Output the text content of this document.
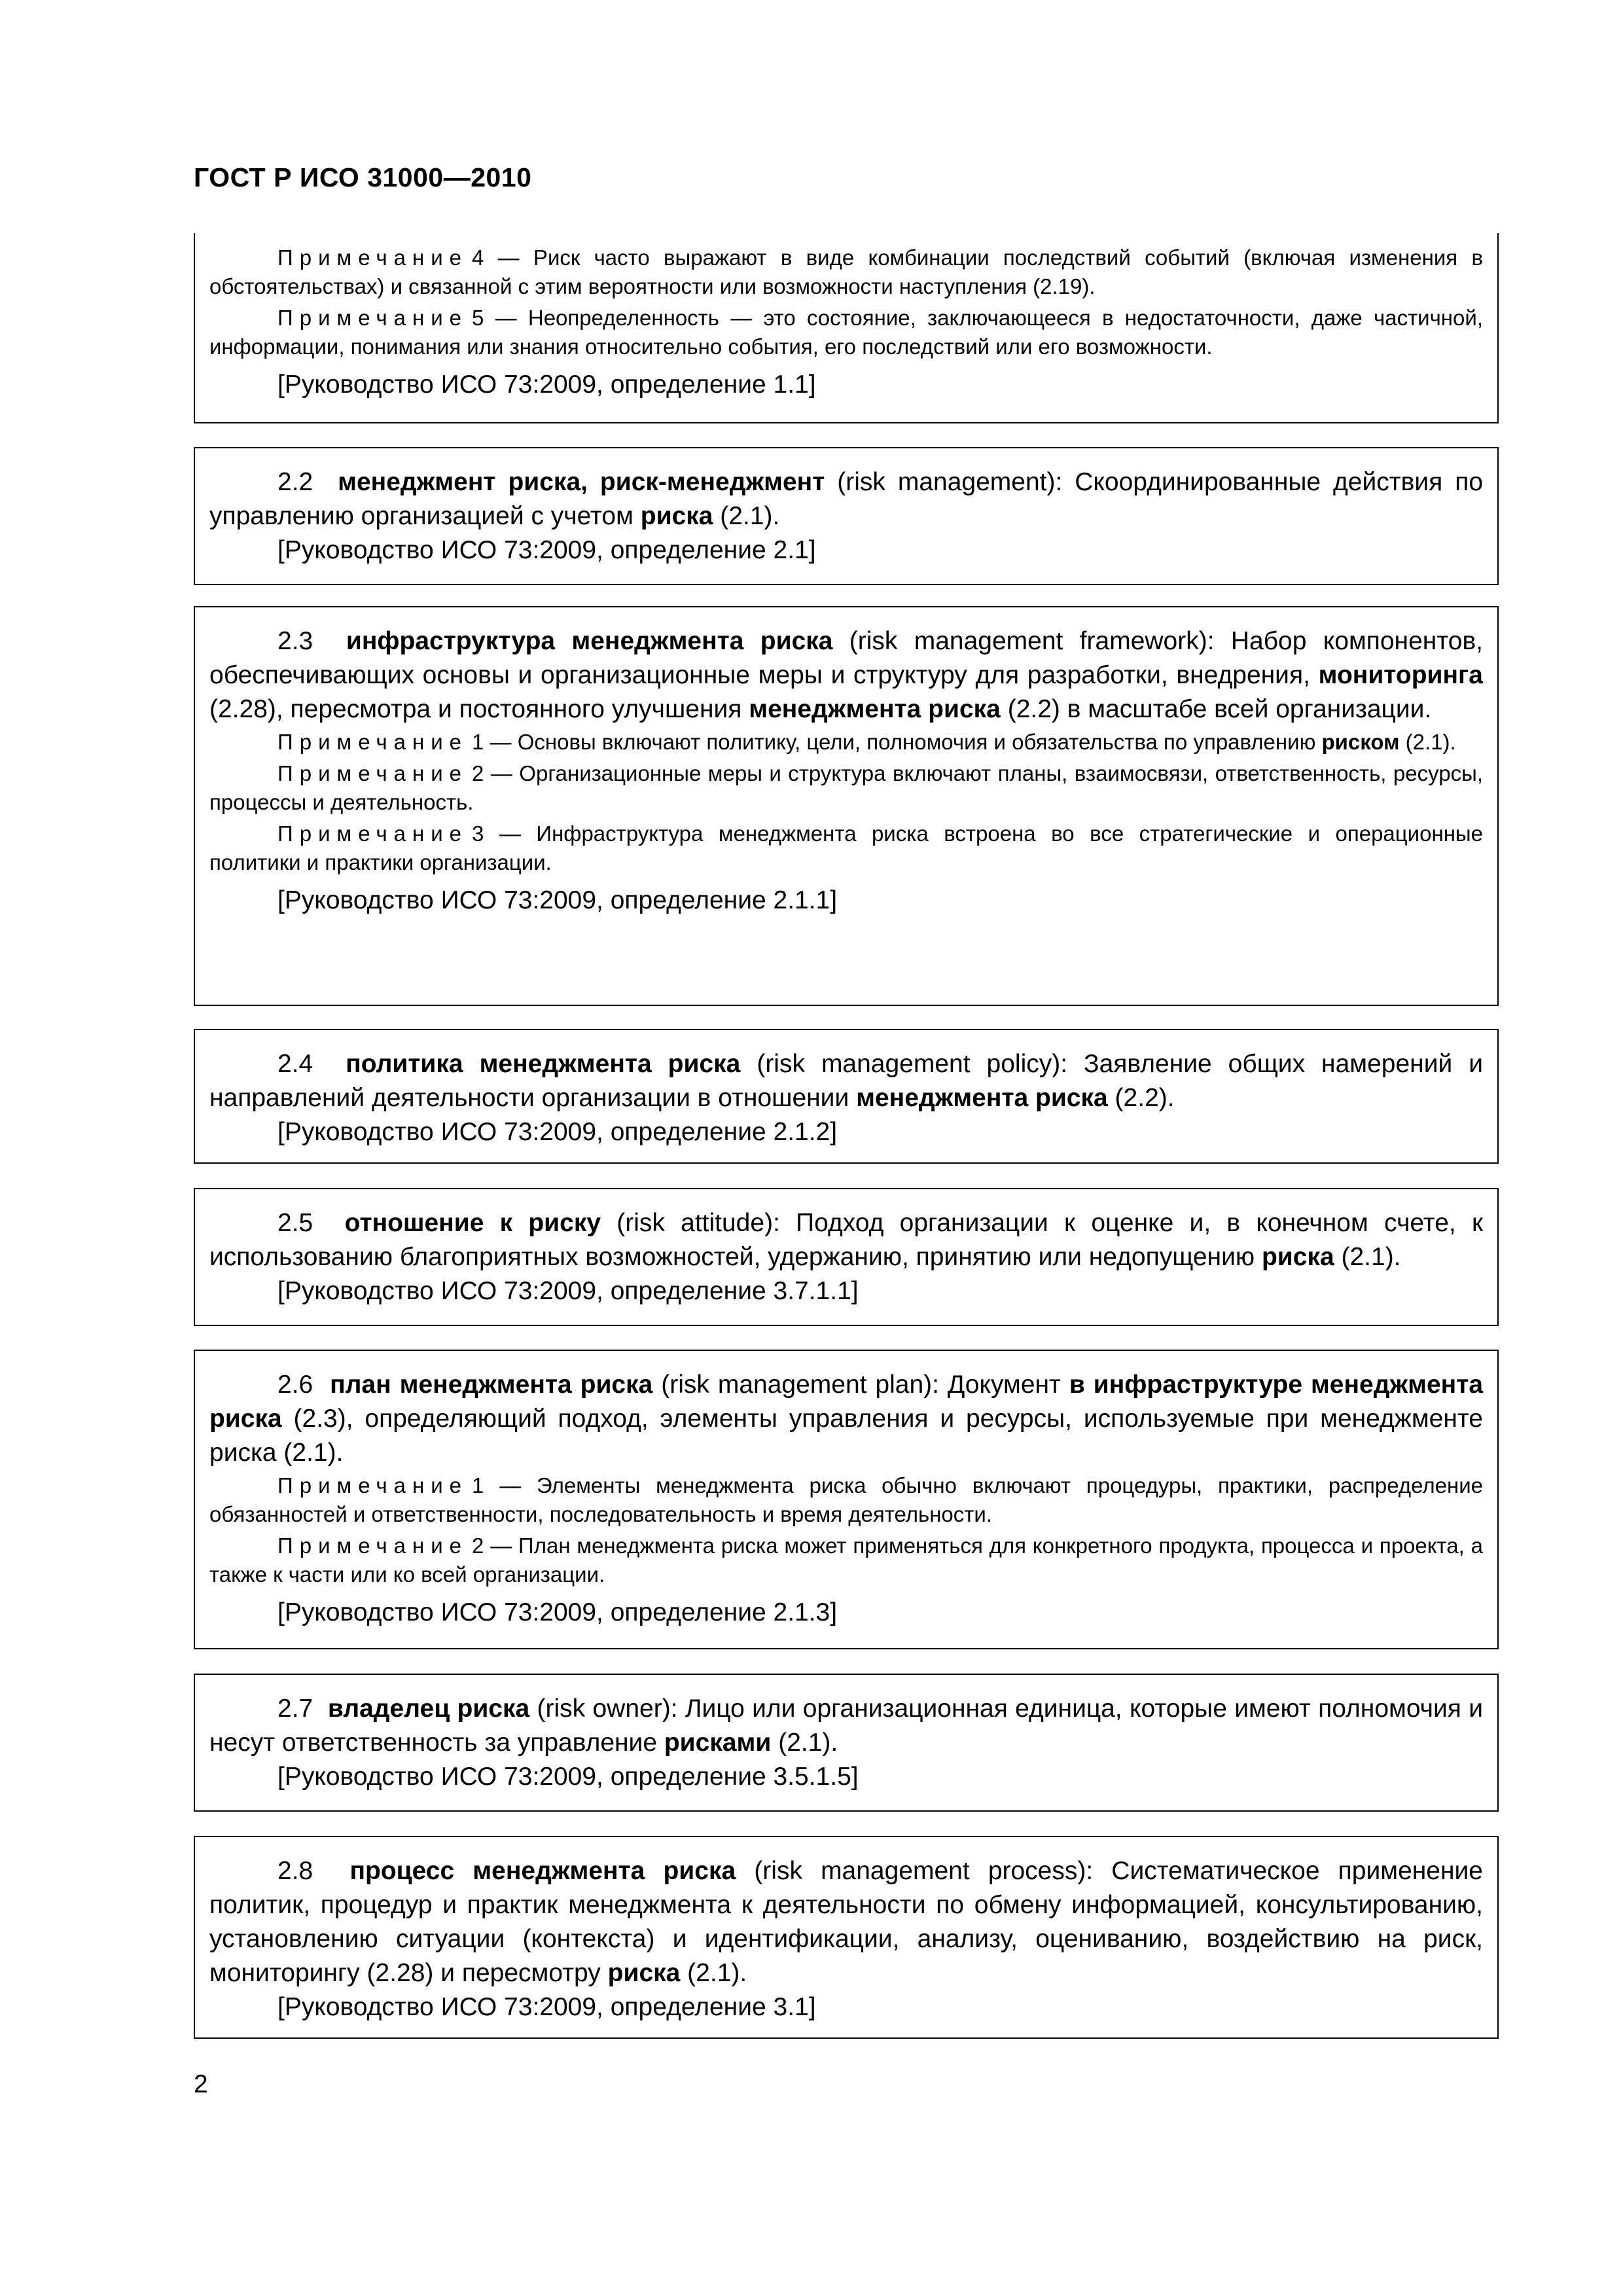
ГОСТ Р ИСО 31000—2010

Примечание 4 — Риск часто выражают в виде комбинации последствий событий (включая изменения в обстоятельствах) и связанной с этим вероятности или возможности наступления (2.19).

Примечание 5 — Неопределенность — это состояние, заключающееся в недостаточности, даже частичной, информации, понимания или знания относительно события, его последствий или его возможности.

[Руководство ИСО 73:2009, определение 1.1]

2.2 менеджмент риска, риск-менеджмент (risk management): Скоординированные действия по управлению организацией с учетом риска (2.1).

[Руководство ИСО 73:2009, определение 2.1]

2.3 инфраструктура менеджмента риска (risk management framework): Набор компонентов, обеспечивающих основы и организационные меры и структуру для разработки, внедрения, мониторинга (2.28), пересмотра и постоянного улучшения менеджмента риска (2.2) в масштабе всей организации.

Примечание 1 — Основы включают политику, цели, полномочия и обязательства по управлению риском (2.1).

Примечание 2 — Организационные меры и структура включают планы, взаимосвязи, ответственность, ресурсы, процессы и деятельность.

Примечание 3 — Инфраструктура менеджмента риска встроена во все стратегические и операционные политики и практики организации.

[Руководство ИСО 73:2009, определение 2.1.1]

2.4 политика менеджмента риска (risk management policy): Заявление общих намерений и направлений деятельности организации в отношении менеджмента риска (2.2).

[Руководство ИСО 73:2009, определение 2.1.2]

2.5 отношение к риску (risk attitude): Подход организации к оценке и, в конечном счете, к использованию благоприятных возможностей, удержанию, принятию или недопущению риска (2.1).

[Руководство ИСО 73:2009, определение 3.7.1.1]

2.6 план менеджмента риска (risk management plan): Документ в инфраструктуре менеджмента риска (2.3), определяющий подход, элементы управления и ресурсы, используемые при менеджменте риска (2.1).

Примечание 1 — Элементы менеджмента риска обычно включают процедуры, практики, распределение обязанностей и ответственности, последовательность и время деятельности.

Примечание 2 — План менеджмента риска может применяться для конкретного продукта, процесса и проекта, а также к части или ко всей организации.

[Руководство ИСО 73:2009, определение 2.1.3]

2.7 владелец риска (risk owner): Лицо или организационная единица, которые имеют полномочия и несут ответственность за управление рисками (2.1).

[Руководство ИСО 73:2009, определение 3.5.1.5]

2.8 процесс менеджмента риска (risk management process): Систематическое применение политик, процедур и практик менеджмента к деятельности по обмену информацией, консультированию, установлению ситуации (контекста) и идентификации, анализу, оцениванию, воздействию на риск, мониторингу (2.28) и пересмотру риска (2.1).

[Руководство ИСО 73:2009, определение 3.1]

2
